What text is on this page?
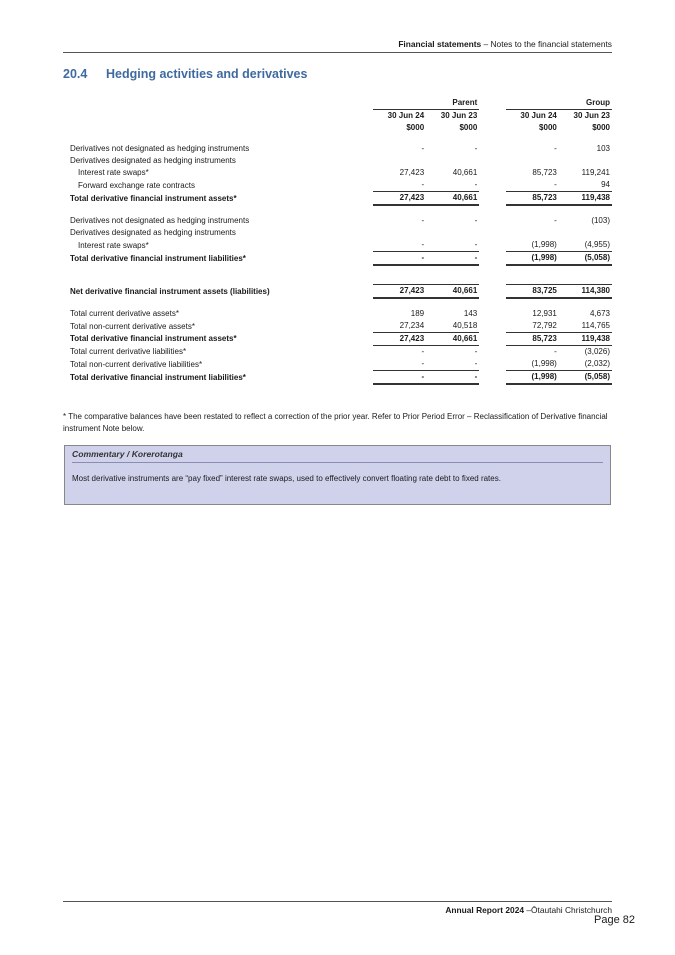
Financial statements – Notes to the financial statements
20.4 Hedging activities and derivatives
		Parent			Group
	30 Jun 24	30 Jun 23		30 Jun 24	30 Jun 23
	$000	$000		$000	$000

Derivatives not designated as hedging instruments	-	-		-	103
Derivatives designated as hedging instruments					
Interest rate swaps*	27,423	40,661		85,723	119,241
Forward exchange rate contracts	-	-		-	94
Total derivative financial instrument assets*	27,423	40,661		85,723	119,438

Derivatives not designated as hedging instruments	-	-		-	(103)
Derivatives designated as hedging instruments					
Interest rate swaps*	-	-		(1,998)	(4,955)
Total derivative financial instrument liabilities*	-	-		(1,998)	(5,058)

Net derivative financial instrument assets (liabilities)	27,423	40,661		83,725	114,380

Total current derivative assets*	189	143		12,931	4,673
Total non-current derivative assets*	27,234	40,518		72,792	114,765
Total derivative financial instrument assets*	27,423	40,661		85,723	119,438
Total current derivative liabilities*	-	-		-	(3,026)
Total non-current derivative liabilities*	-	-		(1,998)	(2,032)
Total derivative financial instrument liabilities*	-	-		(1,998)	(5,058)
* The comparative balances have been restated to reflect a correction of the prior year. Refer to Prior Period Error – Reclassification of Derivative financial instrument Note below.
Commentary / Korerotanga
Most derivative instruments are “pay fixed” interest rate swaps, used to effectively convert floating rate debt to fixed rates.
Annual Report 2024 –Ōtautahi Christchurch
Page 82
